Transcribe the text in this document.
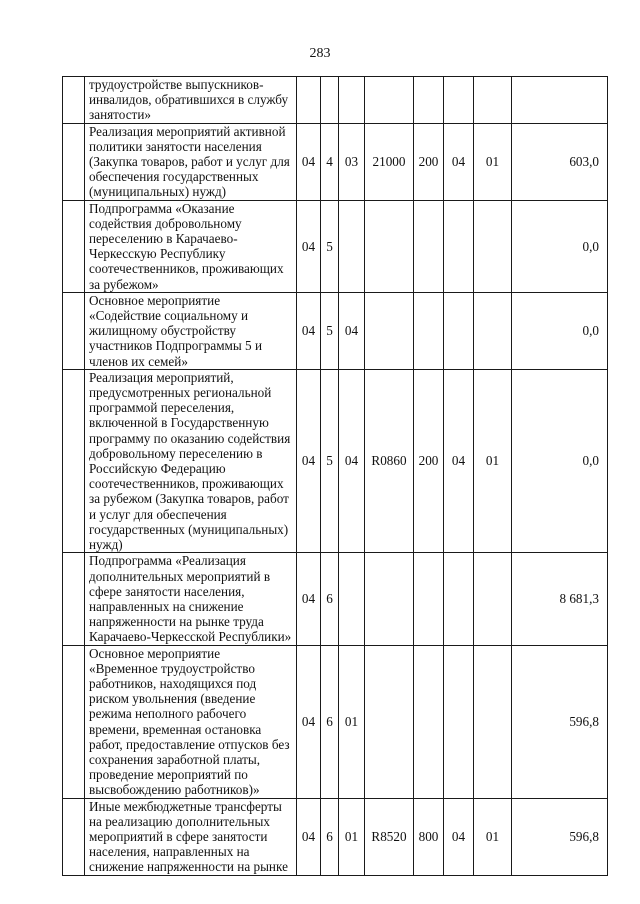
283
	трудоустройстве выпускников-инвалидов, обратившихся в службу занятости»								
	Реализация мероприятий активной политики занятости населения (Закупка товаров, работ и услуг для обеспечения государственных (муниципальных) нужд)	04	4	03	21000	200	04	01	603,0
	Подпрограмма «Оказание содействия добровольному переселению в Карачаево-Черкесскую Республику соотечественников, проживающих за рубежом»	04	5						0,0
	Основное мероприятие «Содействие социальному и жилищному обустройству участников Подпрограммы 5 и членов их семей»	04	5	04					0,0
	Реализация мероприятий, предусмотренных региональной программой переселения, включенной в Государственную программу по оказанию содействия добровольному переселению в Российскую Федерацию соотечественников, проживающих за рубежом (Закупка товаров, работ и услуг для обеспечения государственных (муниципальных) нужд)	04	5	04	R0860	200	04	01	0,0
	Подпрограмма «Реализация дополнительных мероприятий в сфере занятости населения, направленных на снижение напряженности на рынке труда Карачаево-Черкесской Республики»	04	6						8 681,3
	Основное мероприятие «Временное трудоустройство работников, находящихся под риском увольнения (введение режима неполного рабочего времени, временная остановка работ, предоставление отпусков без сохранения заработной платы, проведение мероприятий по высвобождению работников)»	04	6	01					596,8
	Иные межбюджетные трансферты на реализацию дополнительных мероприятий в сфере занятости населения, направленных на снижение напряженности на рынке	04	6	01	R8520	800	04	01	596,8
